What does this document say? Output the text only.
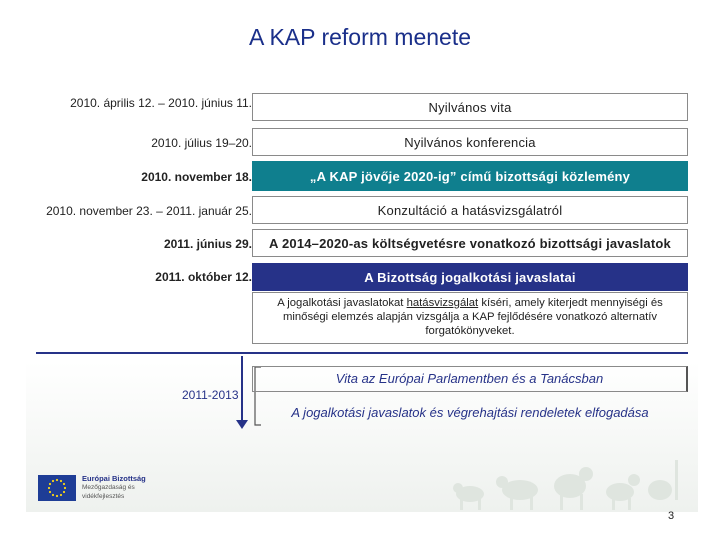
A KAP reform menete
2010. április 12. – 2010. június 11.	Nyilvános vita
2010. július 19–20.	Nyilvános konferencia
2010. november 18.	„A KAP jövője 2020-ig” című bizottsági közlemény
2010. november 23. – 2011. január 25.	Konzultáció a hatásvizsgálatról
2011. június 29. A 2014–2020-as költségvetésre vonatkozó bizottsági javaslatok
2011. október 12.	A Bizottság jogalkotási javaslatai
A jogalkotási javaslatokat hatásvizsgálat kíséri, amely kiterjedt mennyiségi és minőségi elemzés alapján vizsgálja a KAP fejlődésére vonatkozó alternatív forgatókönyveket.
2011-2013
Vita az Európai Parlamentben és a Tanácsban
A jogalkotási javaslatok és végrehajtási rendeletek elfogadása
Európai Bizottság
Mezőgazdaság és
vidékfejlesztés
3
